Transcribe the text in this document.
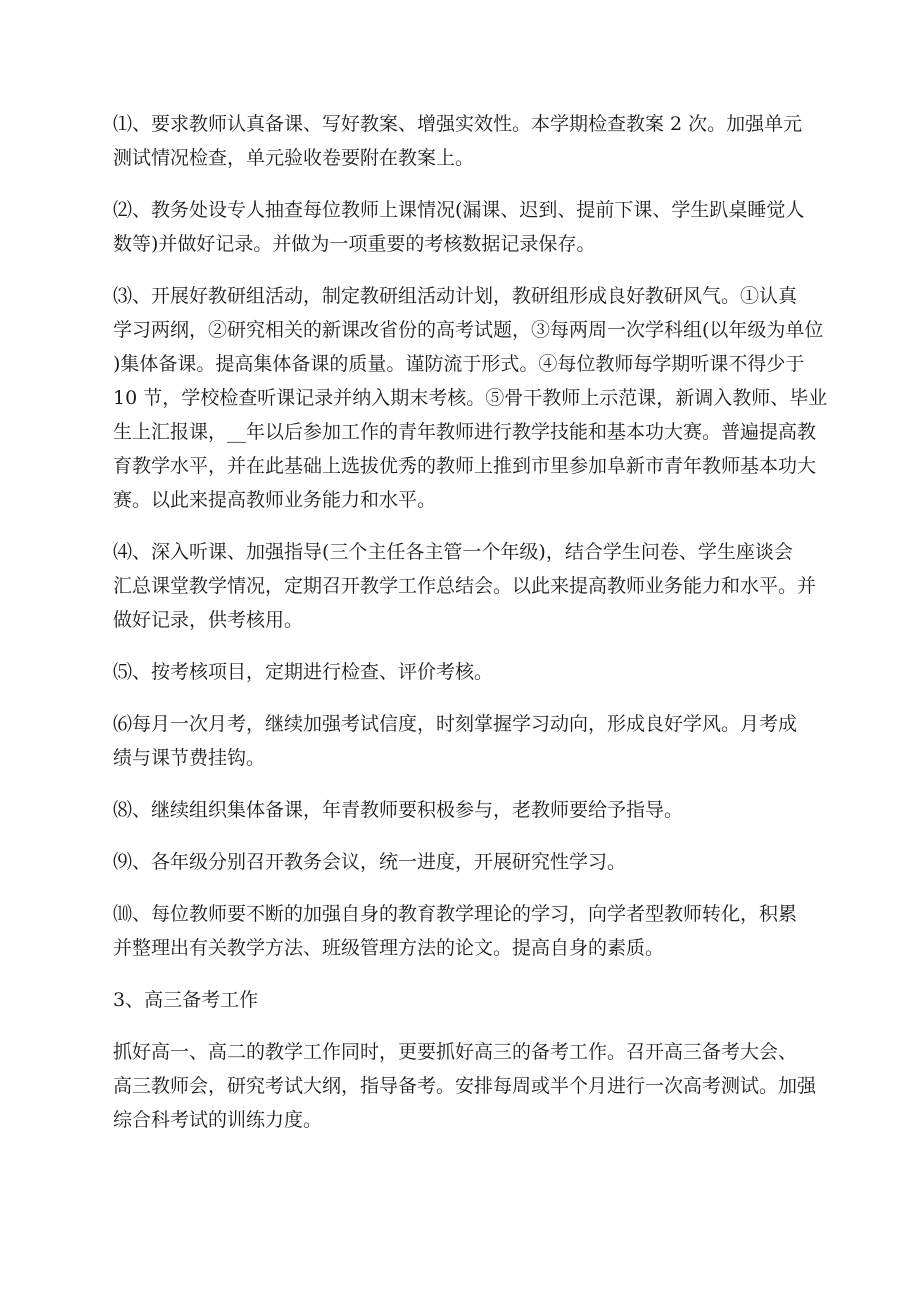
⑴、要求教师认真备课、写好教案、增强实效性。本学期检查教案 2 次。加强单元
测试情况检查，单元验收卷要附在教案上。

⑵、教务处设专人抽查每位教师上课情况(漏课、迟到、提前下课、学生趴桌睡觉人
数等)并做好记录。并做为一项重要的考核数据记录保存。

⑶、开展好教研组活动，制定教研组活动计划，教研组形成良好教研风气。①认真
学习两纲，②研究相关的新课改省份的高考试题，③每两周一次学科组(以年级为单位
)集体备课。提高集体备课的质量。谨防流于形式。④每位教师每学期听课不得少于
10 节，学校检查听课记录并纳入期末考核。⑤骨干教师上示范课，新调入教师、毕业
生上汇报课，__年以后参加工作的青年教师进行教学技能和基本功大赛。普遍提高教
育教学水平，并在此基础上选拔优秀的教师上推到市里参加阜新市青年教师基本功大
赛。以此来提高教师业务能力和水平。

⑷、深入听课、加强指导(三个主任各主管一个年级)，结合学生问卷、学生座谈会
汇总课堂教学情况，定期召开教学工作总结会。以此来提高教师业务能力和水平。并
做好记录，供考核用。

⑸、按考核项目，定期进行检查、评价考核。

⑹每月一次月考，继续加强考试信度，时刻掌握学习动向，形成良好学风。月考成
绩与课节费挂钩。

⑻、继续组织集体备课，年青教师要积极参与，老教师要给予指导。

⑼、各年级分别召开教务会议，统一进度，开展研究性学习。

⑽、每位教师要不断的加强自身的教育教学理论的学习，向学者型教师转化，积累
并整理出有关教学方法、班级管理方法的论文。提高自身的素质。

3、高三备考工作

抓好高一、高二的教学工作同时，更要抓好高三的备考工作。召开高三备考大会、
高三教师会，研究考试大纲，指导备考。安排每周或半个月进行一次高考测试。加强
综合科考试的训练力度。
